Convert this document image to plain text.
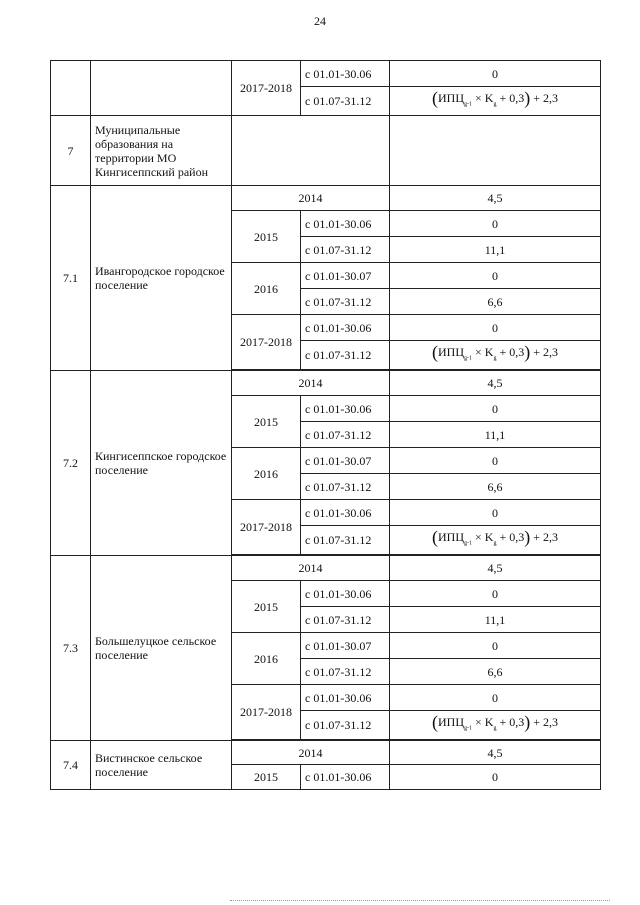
24
		2017-2018	с 01.01-30.06	0
			с 01.07-31.12	$(ИПЦ_{g-1} \times K_g + 0,3) + 2,3$
7	Муниципальные образования на территории МО Кингисеппский район			
7.1	Ивангородское городское поселение	2014		4,5
		2015	с 01.01-30.06	0
			с 01.07-31.12	11,1
		2016	с 01.01-30.07	0
			с 01.07-31.12	6,6
		2017-2018	с 01.01-30.06	0
			с 01.07-31.12	$(ИПЦ_{g-1} \times K_g + 0,3) + 2,3$

7.2	Кингисеппское городское поселение	2014		4,5
		2015	с 01.01-30.06	0
			с 01.07-31.12	11,1
		2016	с 01.01-30.07	0
			с 01.07-31.12	6,6
		2017-2018	с 01.01-30.06	0
			с 01.07-31.12	$(ИПЦ_{g-1} \times K_g + 0,3) + 2,3$

7.3	Большелуцкое сельское поселение	2014		4,5
		2015	с 01.01-30.06	0
			с 01.07-31.12	11,1
		2016	с 01.01-30.07	0
			с 01.07-31.12	6,6
		2017-2018	с 01.01-30.06	0
			с 01.07-31.12	$(ИПЦ_{g-1} \times K_g + 0,3) + 2,3$

7.4	Вистинское сельское поселение	2014		4,5
		2015	с 01.01-30.06	0
